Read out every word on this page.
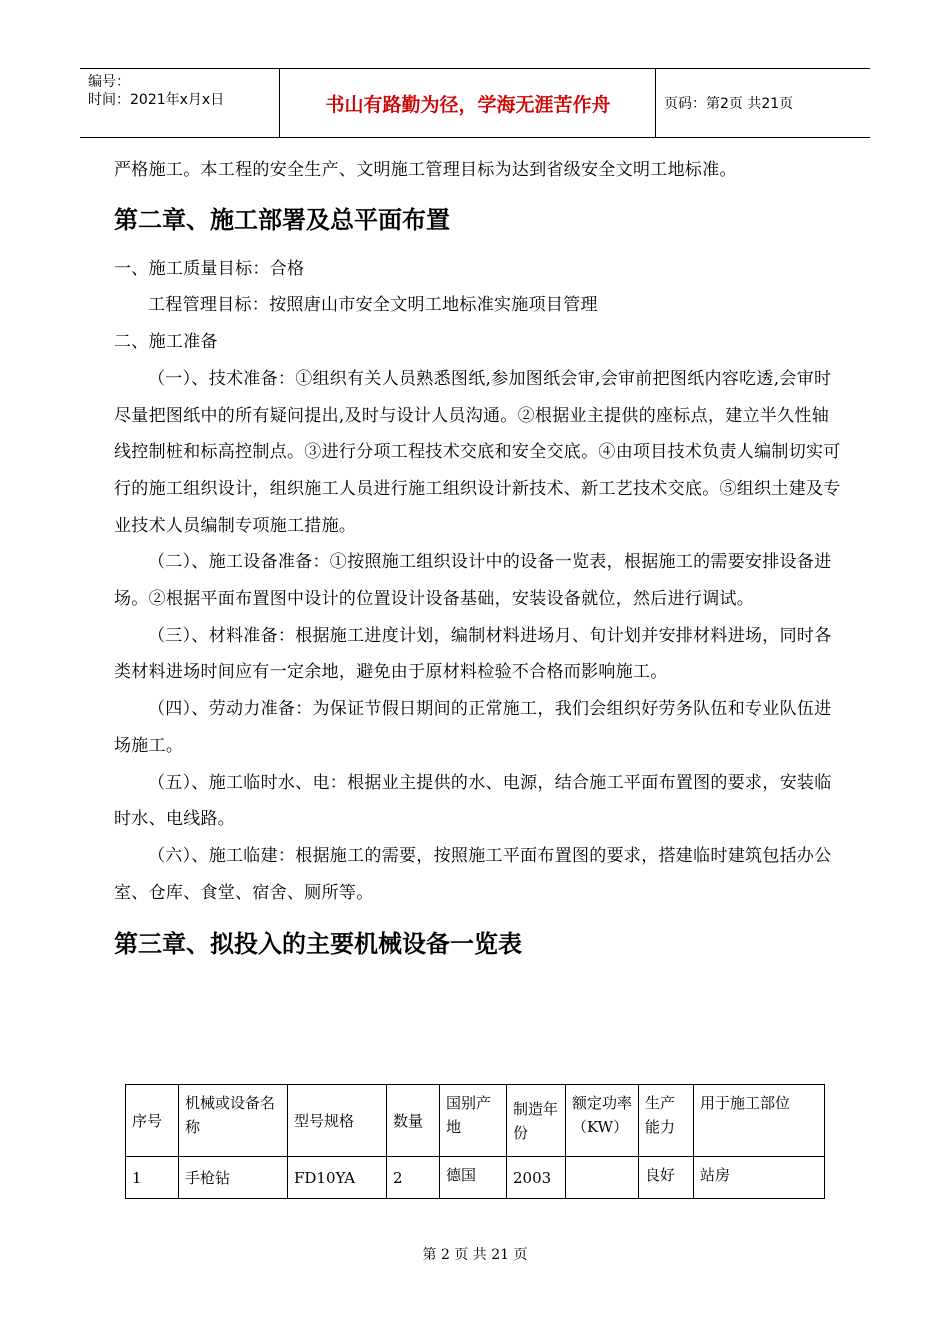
编号：
时间：2021年x月x日	书山有路勤为径，学海无涯苦作舟	页码：第2页 共21页

严格施工。本工程的安全生产、文明施工管理目标为达到省级安全文明工地标准。

第二章、施工部署及总平面布置

一、施工质量目标：合格

工程管理目标：按照唐山市安全文明工地标准实施项目管理

二、施工准备

（一）、技术准备：①组织有关人员熟悉图纸,参加图纸会审,会审前把图纸内容吃透,会审时尽量把图纸中的所有疑问提出,及时与设计人员沟通。②根据业主提供的座标点，建立半久性轴线控制桩和标高控制点。③进行分项工程技术交底和安全交底。④由项目技术负责人编制切实可行的施工组织设计，组织施工人员进行施工组织设计新技术、新工艺技术交底。⑤组织土建及专业技术人员编制专项施工措施。

（二）、施工设备准备：①按照施工组织设计中的设备一览表，根据施工的需要安排设备进场。②根据平面布置图中设计的位置设计设备基础，安装设备就位，然后进行调试。

（三）、材料准备：根据施工进度计划，编制材料进场月、旬计划并安排材料进场，同时各类材料进场时间应有一定余地，避免由于原材料检验不合格而影响施工。

（四）、劳动力准备：为保证节假日期间的正常施工，我们会组织好劳务队伍和专业队伍进场施工。

（五）、施工临时水、电：根据业主提供的水、电源，结合施工平面布置图的要求，安装临时水、电线路。

（六）、施工临建：根据施工的需要，按照施工平面布置图的要求，搭建临时建筑包括办公室、仓库、食堂、宿舍、厕所等。

第三章、拟投入的主要机械设备一览表
序号	机械或设备名称	型号规格	数量	国别产地	制造年份	额定功率（KW）	生产能力	用于施工部位
1	手枪钻	FD10YA	2	德国	2003		良好	站房
第 2 页 共 21 页
